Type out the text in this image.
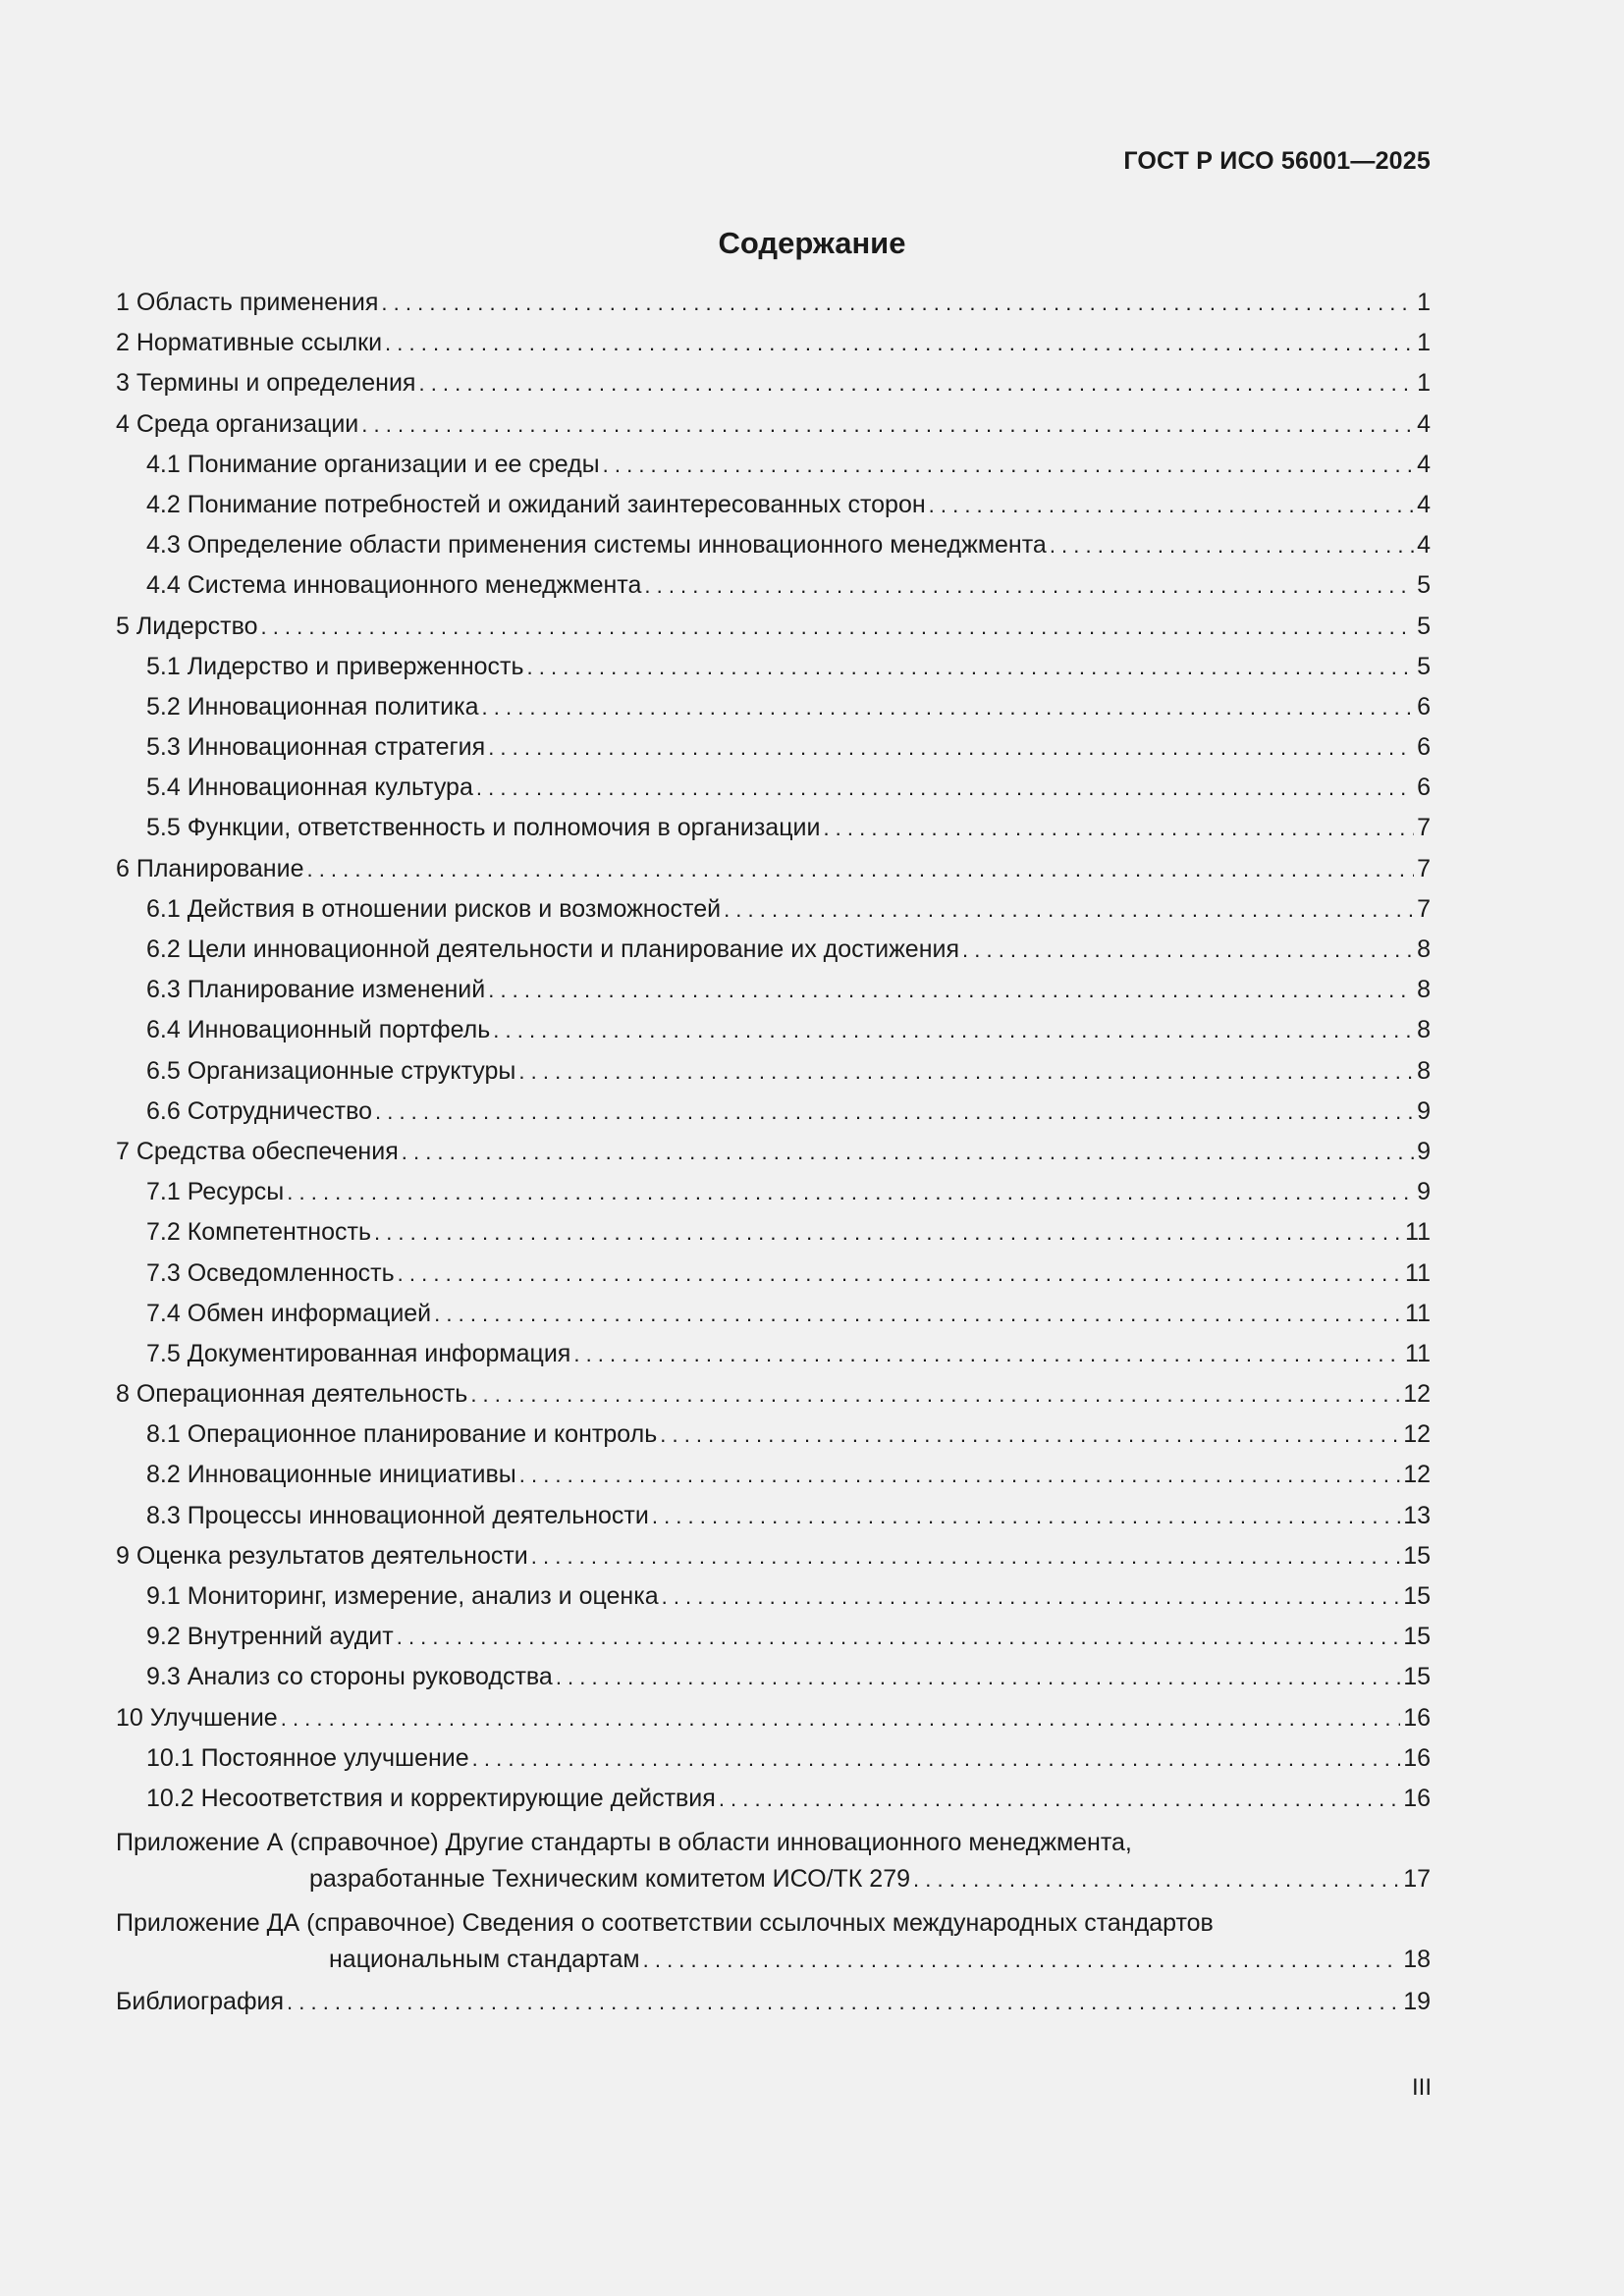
ГОСТ Р ИСО 56001—2025
Содержание
1 Область применения . . .	1
2 Нормативные ссылки . . .	1
3 Термины и определения . . .	1
4 Среда организации . . .	4
4.1 Понимание организации и ее среды . . .	4
4.2 Понимание потребностей и ожиданий заинтересованных сторон . . .	4
4.3 Определение области применения системы инновационного менеджмента . . .	4
4.4 Система инновационного менеджмента . . .	5
5 Лидерство . . .	5
5.1 Лидерство и приверженность . . .	5
5.2 Инновационная политика . . .	6
5.3 Инновационная стратегия . . .	6
5.4 Инновационная культура . . .	6
5.5 Функции, ответственность и полномочия в организации . . .	7
6 Планирование . . .	7
6.1 Действия в отношении рисков и возможностей . . .	7
6.2 Цели инновационной деятельности и планирование их достижения . . .	8
6.3 Планирование изменений . . .	8
6.4 Инновационный портфель . . .	8
6.5 Организационные структуры . . .	8
6.6 Сотрудничество . . .	9
7 Средства обеспечения . . .	9
7.1 Ресурсы . . .	9
7.2 Компетентность . . .	11
7.3 Осведомленность . . .	11
7.4 Обмен информацией . . .	11
7.5 Документированная информация . . .	11
8 Операционная деятельность . . .	12
8.1 Операционное планирование и контроль . . .	12
8.2 Инновационные инициативы . . .	12
8.3 Процессы инновационной деятельности . . .	13
9 Оценка результатов деятельности . . .	15
9.1 Мониторинг, измерение, анализ и оценка . . .	15
9.2 Внутренний аудит . . .	15
9.3 Анализ со стороны руководства . . .	15
10 Улучшение . . .	16
10.1 Постоянное улучшение . . .	16
10.2 Несоответствия и корректирующие действия . . .	16
Приложение А (справочное) Другие стандарты в области инновационного менеджмента,
разработанные Техническим комитетом ИСО/ТК 279 . . .	17
Приложение ДА (справочное) Сведения о соответствии ссылочных международных стандартов
национальным стандартам . . .	18
Библиография . . .	19
III
